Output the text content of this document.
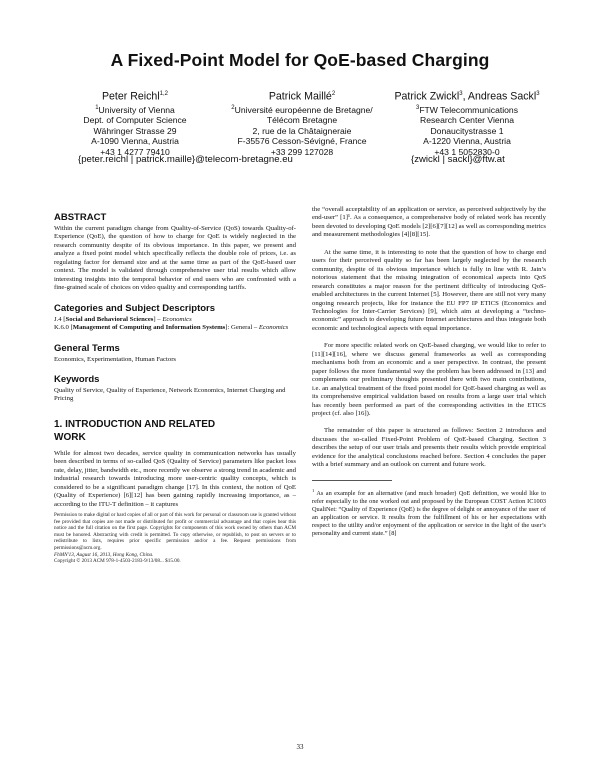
A Fixed-Point Model for QoE-based Charging
Peter Reichl$^{1,2}$
$^1$University of Vienna
Dept. of Computer Science
Währinger Strasse 29
A-1090 Vienna, Austria
+43 1 4277 79410
Patrick Maillé$^2$
$^2$Université européenne de Bretagne/
Télécom Bretagne
2, rue de la Châtaigneraie
F-35576 Cesson-Sévigné, France
+33 299 127028
Patrick Zwickl$^3$, Andreas Sackl$^3$
$^3$FTW Telecommunications
Research Center Vienna
Donaucitystrasse 1
A-1220 Vienna, Austria
+43 1 5052830-0
{peter.reichl | patrick.maille}@telecom-bretagne.eu	{zwickl | sackl}@ftw.at
ABSTRACT

Within the current paradigm change from Quality-of-Service (QoS) towards Quality-of-Experience (QoE), the question of how to charge for QoE is widely neglected in the research community despite of its obvious importance. In this paper, we present and analyze a fixed point model which specifically reflects the double role of prices, i.e. as regulating factor for demand size and at the same time as part of the QoE-based user context. The model is validated through comprehensive user trial results which allow interesting insights into the temporal behavior of end users who are confronted with a fine-grained scale of choices on video quality and corresponding tariffs.

Categories and Subject Descriptors

J.4 [Social and Behavioral Sciences] – Economics

K.6.0 [Management of Computing and Information Systems]: General – Economics

General Terms

Economics, Experimentation, Human Factors

Keywords

Quality of Service, Quality of Experience, Network Economics, Internet Charging and Pricing

1. INTRODUCTION AND RELATED WORK

While for almost two decades, service quality in communication networks has usually been described in terms of so-called QoS (Quality of Service) parameters like packet loss rate, delay, jitter, bandwidth etc., more recently we observe a strong trend in academic and industrial research towards introducing more user-centric quality concepts, which is considered to be a significant paradigm change [17]. In this context, the notion of QoE (Quality of Experience) [6][12] has been gaining rapidly increasing importance, as – according to the ITU-T definition – it captures

Permission to make digital or hard copies of all or part of this work for personal or classroom use is granted without fee provided that copies are not made or distributed for profit or commercial advantage and that copies bear this notice and the full citation on the first page. Copyrights for components of this work owned by others than ACM must be honored. Abstracting with credit is permitted. To copy otherwise, or republish, to post on servers or to redistribute to lists, requires prior specific permission and/or a fee. Request permissions from permissions@acm.org.

FhMN'13, August 16, 2013, Hong Kong, China.

Copyright © 2013 ACM 978-1-4503-2183-9/13/08... $15.00.

the “overall acceptability of an application or service, as perceived subjectively by the end-user” [1]¹. As a consequence, a comprehensive body of related work has recently been devoted to developing QoE models [2][6][7][12] as well as corresponding metrics and measurement methodologies [4][8][15].

At the same time, it is interesting to note that the question of how to charge end users for their perceived quality so far has been largely neglected by the research community, despite of its obvious importance which is fully in line with R. Jain’s notorious statement that the missing integration of economical aspects into QoS research constitutes a major reason for the pertinent difficulty of introducing QoS-enabled architectures in the current Internet [5]. However, there are still not very many ongoing research projects, like for instance the EU FP7 IP ETICS (Economics and Technologies for Inter-Carrier Services) [9], which aim at developing a “techno-economic” approach to developing future Internet architectures and thus integrate both economic and technological aspects with equal importance.

For more specific related work on QoE-based charging, we would like to refer to [11][14][16], where we discuss general frameworks as well as corresponding mechanisms both from an economic and a user perspective. In contrast, the present paper follows the more fundamental way the problem has been addressed in [13] and complements our preliminary thoughts presented there with two main contributions, i.e. an analytical treatment of the fixed point model for QoE-based charging as well as its comprehensive empirical validation based on results from a large user trial which has recently been performed as part of the corresponding activities in the ETICS project (cf. also [16]).

The remainder of this paper is structured as follows: Section 2 introduces and discusses the so-called Fixed-Point Problem of QoE-based Charging. Section 3 describes the setup of our user trials and presents their results which provide empirical evidence for the analytical conclusions reached before. Section 4 concludes the paper with a brief summary and an outlook on current and future work.

$^1$ As an example for an alternative (and much broader) QoE definition, we would like to refer especially to the one worked out and proposed by the European COST Action IC1003 QualiNet: “Quality of Experience (QoE) is the degree of delight or annoyance of the user of an application or service. It results from the fulfillment of his or her expectations with respect to the utility and/or enjoyment of the application or service in the light of the user’s personality and current state.” [8]

33
